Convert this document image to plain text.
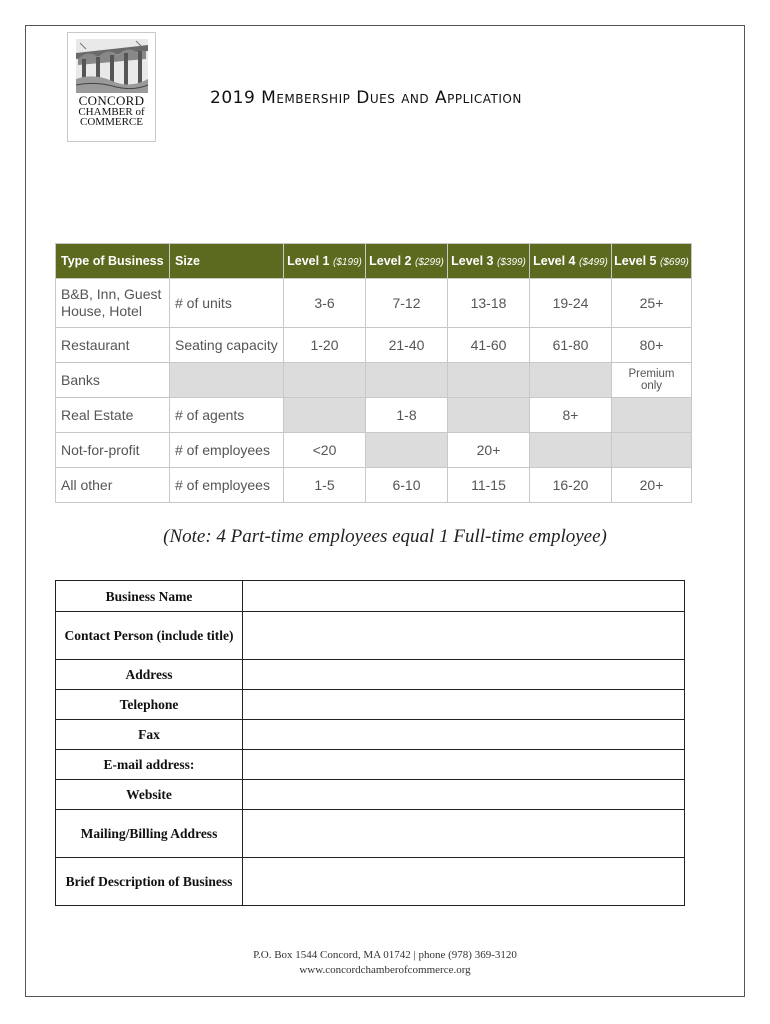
CONCORD
CHAMBER of
COMMERCE
2019 Membership Dues and Application
Type of Business	Size	Level 1 ($199)	Level 2 ($299)	Level 3 ($399)	Level 4 ($499)	Level 5 ($699)
B&B, Inn, Guest House, Hotel	# of units	3-6	7-12	13-18	19-24	25+
Restaurant	Seating capacity	1-20	21-40	41-60	61-80	80+
Banks						Premium only
Real Estate	# of agents		1-8		8+	
Not-for-profit	# of employees	<20		20+		
All other	# of employees	1-5	6-10	11-15	16-20	20+
(Note: 4 Part-time employees equal 1 Full-time employee)
Business Name	
Contact Person (include title)	
Address	
Telephone	
Fax	
E-mail address:	
Website	
Mailing/Billing Address	
Brief Description of Business	
P.O. Box 1544 Concord, MA 01742 | phone (978) 369-3120
www.concordchamberofcommerce.org
